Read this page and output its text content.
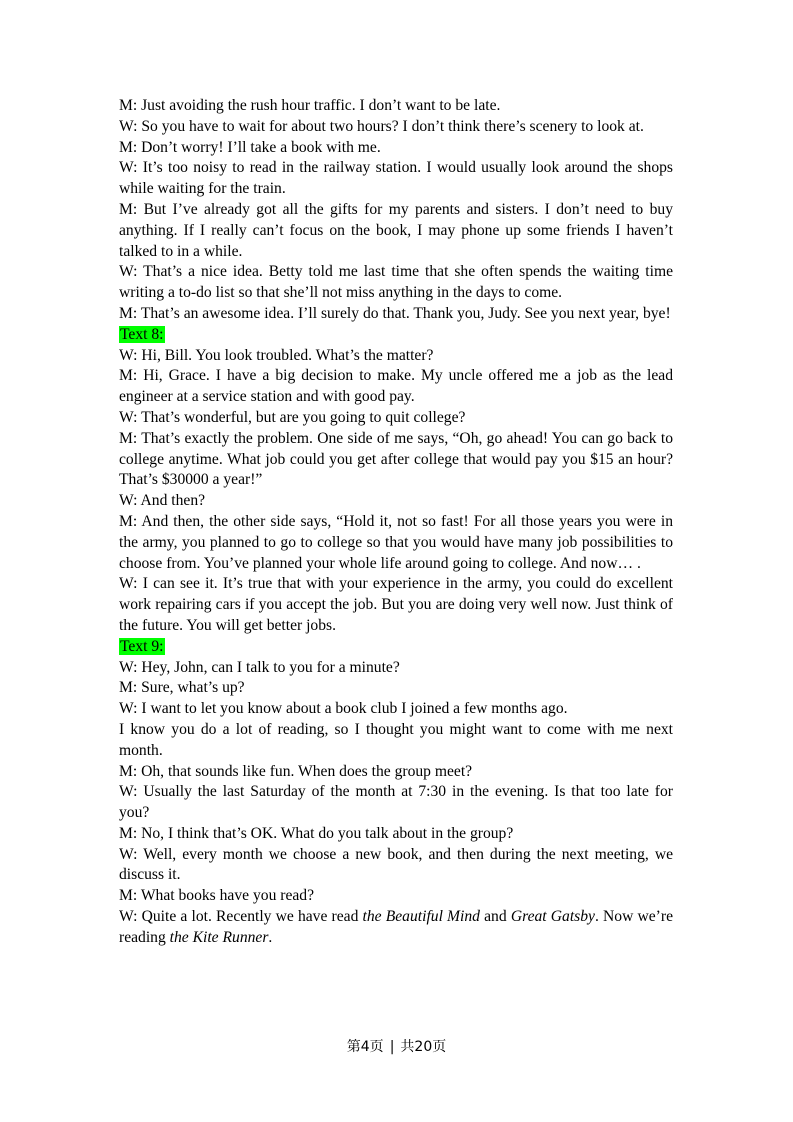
M: Just avoiding the rush hour traffic. I don’t want to be late.

W: So you have to wait for about two hours? I don’t think there’s scenery to look at.

M: Don’t worry! I’ll take a book with me.

W: It’s too noisy to read in the railway station. I would usually look around the shops while waiting for the train.

M: But I’ve already got all the gifts for my parents and sisters. I don’t need to buy anything. If I really can’t focus on the book, I may phone up some friends I haven’t talked to in a while.

W: That’s a nice idea. Betty told me last time that she often spends the waiting time writing a to-do list so that she’ll not miss anything in the days to come.

M: That’s an awesome idea. I’ll surely do that. Thank you, Judy. See you next year, bye!

Text 8:

W: Hi, Bill. You look troubled. What’s the matter?

M: Hi, Grace. I have a big decision to make. My uncle offered me a job as the lead engineer at a service station and with good pay.

W: That’s wonderful, but are you going to quit college?

M: That’s exactly the problem. One side of me says, “Oh, go ahead! You can go back to college anytime. What job could you get after college that would pay you $15 an hour? That’s $30000 a year!”

W: And then?

M: And then, the other side says, “Hold it, not so fast! For all those years you were in the army, you planned to go to college so that you would have many job possibilities to choose from. You’ve planned your whole life around going to college. And now… .

W: I can see it. It’s true that with your experience in the army, you could do excellent work repairing cars if you accept the job. But you are doing very well now. Just think of the future. You will get better jobs.

Text 9:

W: Hey, John, can I talk to you for a minute?

M: Sure, what’s up?

W: I want to let you know about a book club I joined a few months ago.

I know you do a lot of reading, so I thought you might want to come with me next month.

M: Oh, that sounds like fun. When does the group meet?

W: Usually the last Saturday of the month at 7:30 in the evening. Is that too late for you?

M: No, I think that’s OK. What do you talk about in the group?

W: Well, every month we choose a new book, and then during the next meeting, we discuss it.

M: What books have you read?

W: Quite a lot. Recently we have read the Beautiful Mind and Great Gatsby. Now we’re reading the Kite Runner.

第4页 | 共20页
